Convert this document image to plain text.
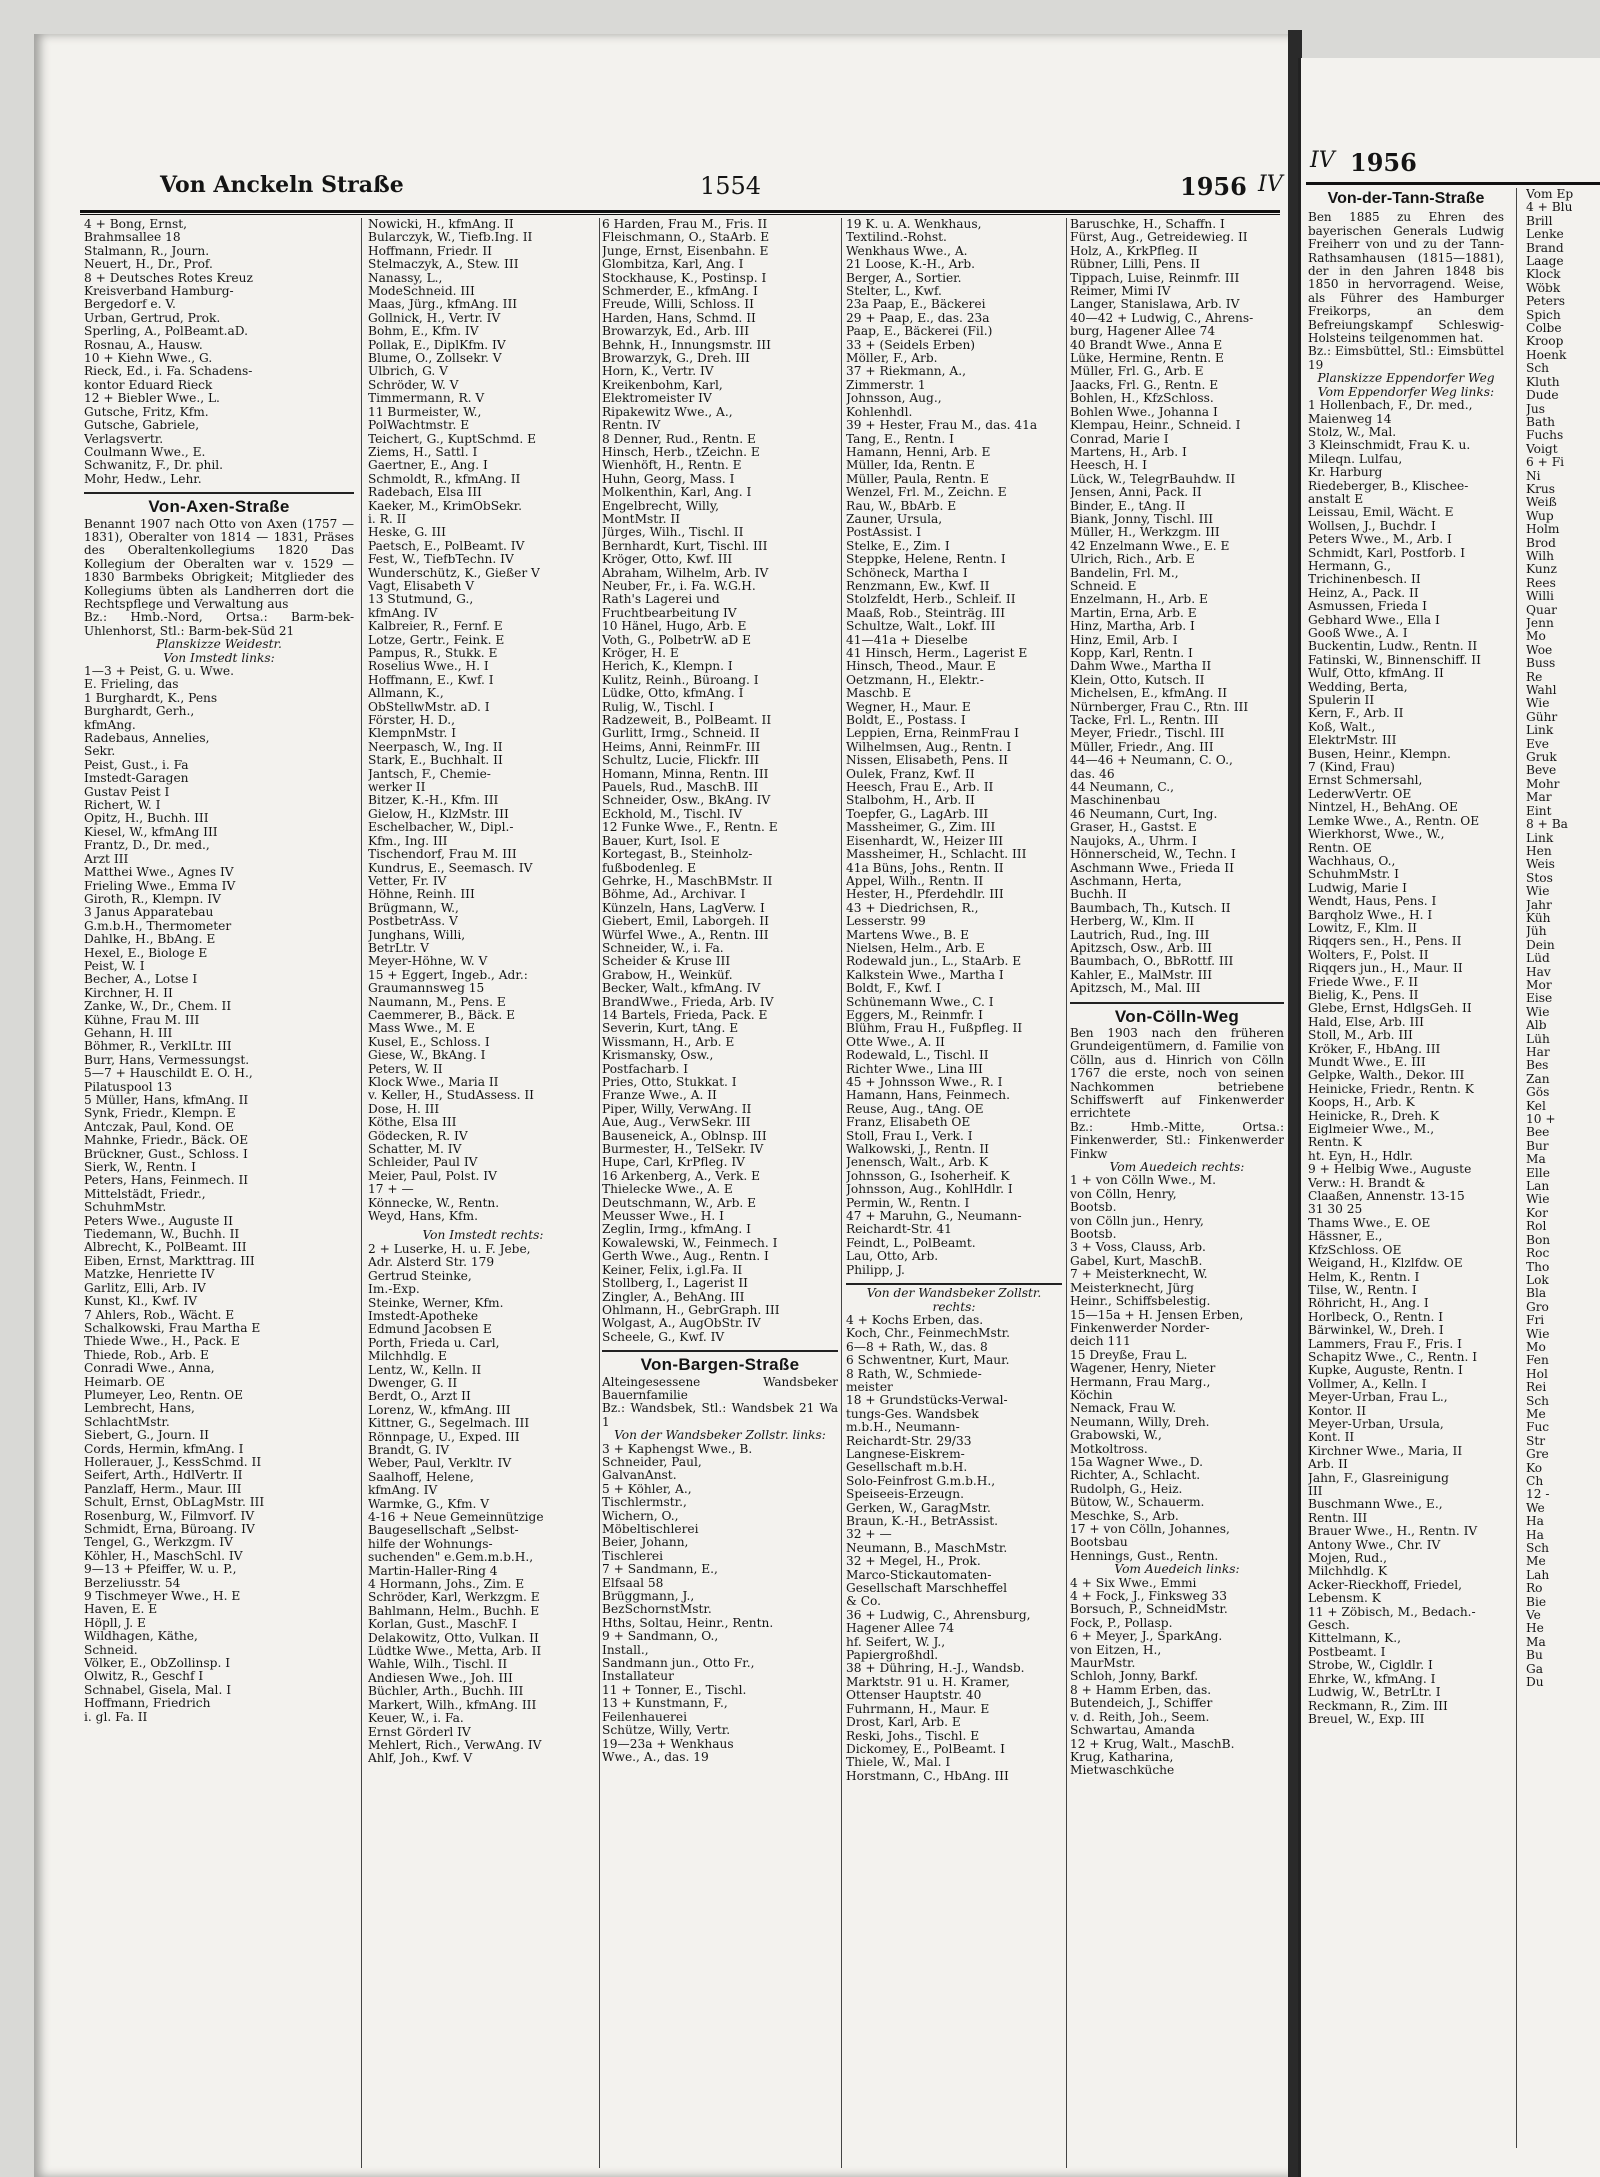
Von Anckeln Straße	1554	1956 IV
4 + Bong, Ernst,
Brahmsallee 18
Stalmann, R., Journ.
Neuert, H., Dr., Prof.
8 + Deutsches Rotes Kreuz
Kreisverband Hamburg-
Bergedorf e. V.
Urban, Gertrud, Prok.
Sperling, A., PolBeamt.aD.
Rosnau, A., Hausw.
10 + Kiehn Wwe., G.
Rieck, Ed., i. Fa. Schadens-
kontor Eduard Rieck
12 + Biebler Wwe., L.
Gutsche, Fritz, Kfm.
Gutsche, Gabriele,
Verlagsvertr.
Coulmann Wwe., E.
Schwanitz, F., Dr. phil.
Mohr, Hedw., Lehr.
Von-Axen-Straße
Benannt 1907 nach Otto von Axen (1757 — 1831), Oberalter von 1814 — 1831, Präses des Oberaltenkollegiums 1820 Das Kollegium der Oberalten war v. 1529 — 1830 Barmbeks Obrigkeit; Mitglieder des Kollegiums übten als Landherren dort die Rechtspflege und Verwaltung aus
Bz.: Hmb.-Nord, Ortsa.: Barm-bek-Uhlenhorst, Stl.: Barm-bek-Süd 21
Planskizze Weidestr.
Von Imstedt links:
1—3 + Peist, G. u. Wwe.
E. Frieling, das
1 Burghardt, K., Pens
Burghardt, Gerh.,
kfmAng.
Radebaus, Annelies,
Sekr.
Peist, Gust., i. Fa
Imstedt-Garagen
Gustav Peist I
Richert, W. I
Opitz, H., Buchh. III
Kiesel, W., kfmAng III
Frantz, D., Dr. med.,
Arzt III
Matthei Wwe., Agnes IV
Frieling Wwe., Emma IV
Giroth, R., Klempn. IV
3 Janus Apparatebau
G.m.b.H., Thermometer
Dahlke, H., BbAng. E
Hexel, E., Biologe E
Peist, W. I
Becher, A., Lotse I
Kirchner, H. II
Zanke, W., Dr., Chem. II
Kühne, Frau M. III
Gehann, H. III
Böhmer, R., VerklLtr. III
Burr, Hans, Vermessungst.
5—7 + Hauschildt E. O. H.,
Pilatuspool 13
5 Müller, Hans, kfmAng. II
Synk, Friedr., Klempn. E
Antczak, Paul, Kond. OE
Mahnke, Friedr., Bäck. OE
Brückner, Gust., Schloss. I
Sierk, W., Rentn. I
Peters, Hans, Feinmech. II
Mittelstädt, Friedr.,
SchuhmMstr.
Peters Wwe., Auguste II
Tiedemann, W., Buchh. II
Albrecht, K., PolBeamt. III
Eiben, Ernst, Markttrag. III
Matzke, Henriette IV
Garlitz, Elli, Arb. IV
Kunst, Kl., Kwf. IV
7 Ahlers, Rob., Wächt. E
Schalkowski, Frau Martha E
Thiede Wwe., H., Pack. E
Thiede, Rob., Arb. E
Conradi Wwe., Anna,
Heimarb. OE
Plumeyer, Leo, Rentn. OE
Lembrecht, Hans,
SchlachtMstr.
Siebert, G., Journ. II
Cords, Hermin, kfmAng. I
Hollerauer, J., KessSchmd. II
Seifert, Arth., HdlVertr. II
Panzlaff, Herm., Maur. III
Schult, Ernst, ObLagMstr. III
Rosenburg, W., Filmvorf. IV
Schmidt, Erna, Büroang. IV
Tengel, G., Werkzgm. IV
Köhler, H., MaschSchl. IV
9—13 + Pfeiffer, W. u. P.,
Berzeliusstr. 54
9 Tischmeyer Wwe., H. E
Haven, E. E
Höpll, J. E
Wildhagen, Käthe,
Schneid.
Völker, E., ObZollinsp. I
Olwitz, R., Geschf I
Schnabel, Gisela, Mal. I
Hoffmann, Friedrich
i. gl. Fa. II
Nowicki, H., kfmAng. II
Bularczyk, W., Tiefb.Ing. II
Hoffmann, Friedr. II
Stelmaczyk, A., Stew. III
Nanassy, L.,
ModeSchneid. III
Maas, Jürg., kfmAng. III
Gollnick, H., Vertr. IV
Bohm, E., Kfm. IV
Pollak, E., DiplKfm. IV
Blume, O., Zollsekr. V
Ulbrich, G. V
Schröder, W. V
Timmermann, R. V
11 Burmeister, W.,
PolWachtmstr. E
Teichert, G., KuptSchmd. E
Ziems, H., Sattl. I
Gaertner, E., Ang. I
Schmoldt, R., kfmAng. II
Radebach, Elsa III
Kaeker, M., KrimObSekr.
i. R. II
Heske, G. III
Paetsch, E., PolBeamt. IV
Fest, W., TiefbTechn. IV
Wunderschütz, K., Gießer V
Vagt, Elisabeth V
13 Stutmund, G.,
kfmAng. IV
Kalbreier, R., Fernf. E
Lotze, Gertr., Feink. E
Pampus, R., Stukk. E
Roselius Wwe., H. I
Hoffmann, E., Kwf. I
Allmann, K.,
ObStellwMstr. aD. I
Förster, H. D.,
KlempnMstr. I
Neerpasch, W., Ing. II
Stark, E., Buchhalt. II
Jantsch, F., Chemie-
werker II
Bitzer, K.-H., Kfm. III
Gielow, H., KlzMstr. III
Eschelbacher, W., Dipl.-
Kfm., Ing. III
Tischendorf, Frau M. III
Kundrus, E., Seemasch. IV
Vetter, Fr. IV
Höhne, Reinh. III
Brügmann, W.,
PostbetrAss. V
Junghans, Willi,
BetrLtr. V
Meyer-Höhne, W. V
15 + Eggert, Ingeb., Adr.:
Graumannsweg 15
Naumann, M., Pens. E
Caemmerer, B., Bäck. E
Mass Wwe., M. E
Kusel, E., Schloss. I
Giese, W., BkAng. I
Peters, W. II
Klock Wwe., Maria II
v. Keller, H., StudAssess. II
Dose, H. III
Köthe, Elsa III
Gödecken, R. IV
Schatter, M. IV
Schleider, Paul IV
Meier, Paul, Polst. IV
17 + —
Könnecke, W., Rentn.
Weyd, Hans, Kfm.
Von Imstedt rechts:
2 + Luserke, H. u. F. Jebe,
Adr. Alsterd Str. 179
Gertrud Steinke,
Im.-Exp.
Steinke, Werner, Kfm.
Imstedt-Apotheke
Edmund Jacobsen E
Porth, Frieda u. Carl,
Milchhdlg. E
Lentz, W., Kelln. II
Dwenger, G. II
Berdt, O., Arzt II
Lorenz, W., kfmAng. III
Kittner, G., Segelmach. III
Rönnpage, U., Exped. III
Brandt, G. IV
Weber, Paul, Verkltr. IV
Saalhoff, Helene,
kfmAng. IV
Warmke, G., Kfm. V
4-16 + Neue Gemeinnützige
Baugesellschaft „Selbst-
hilfe der Wohnungs-
suchenden" e.Gem.m.b.H.,
Martin-Haller-Ring 4
4 Hormann, Johs., Zim. E
Schröder, Karl, Werkzgm. E
Bahlmann, Helm., Buchh. E
Korlan, Gust., MaschF. I
Delakowitz, Otto, Vulkan. II
Lüdtke Wwe., Metta, Arb. II
Wahle, Wilh., Tischl. II
Andiesen Wwe., Joh. III
Büchler, Arth., Buchh. III
Markert, Wilh., kfmAng. III
Keuer, W., i. Fa.
Ernst Görderl IV
Mehlert, Rich., VerwAng. IV
Ahlf, Joh., Kwf. V
6 Harden, Frau M., Fris. II
Fleischmann, O., StaArb. E
Junge, Ernst, Eisenbahn. E
Glombitza, Karl, Ang. I
Stockhause, K., Postinsp. I
Schmerder, E., kfmAng. I
Freude, Willi, Schloss. II
Harden, Hans, Schmd. II
Browarzyk, Ed., Arb. III
Behnk, H., Innungsmstr. III
Browarzyk, G., Dreh. III
Horn, K., Vertr. IV
Kreikenbohm, Karl,
Elektromeister IV
Ripakewitz Wwe., A.,
Rentn. IV
8 Denner, Rud., Rentn. E
Hinsch, Herb., tZeichn. E
Wienhöft, H., Rentn. E
Huhn, Georg, Mass. I
Molkenthin, Karl, Ang. I
Engelbrecht, Willy,
MontMstr. II
Jürges, Wilh., Tischl. II
Bernhardt, Kurt, Tischl. III
Kröger, Otto, Kwf. III
Abraham, Wilhelm, Arb. IV
Neuber, Fr., i. Fa. W.G.H.
Rath's Lagerei und
Fruchtbearbeitung IV
10 Hänel, Hugo, Arb. E
Voth, G., PolbetrW. aD E
Kröger, H. E
Herich, K., Klempn. I
Kulitz, Reinh., Büroang. I
Lüdke, Otto, kfmAng. I
Rulig, W., Tischl. I
Radzeweit, B., PolBeamt. II
Gurlitt, Irmg., Schneid. II
Heims, Anni, ReinmFr. III
Schultz, Lucie, Flickfr. III
Homann, Minna, Rentn. III
Pauels, Rud., MaschB. III
Schneider, Osw., BkAng. IV
Eckhold, M., Tischl. IV
12 Funke Wwe., F., Rentn. E
Bauer, Kurt, Isol. E
Kortegast, B., Steinholz-
fußbodenleg. E
Gehrke, H., MaschBMstr. II
Böhme, Ad., Archivar. I
Künzeln, Hans, LagVerw. I
Giebert, Emil, Laborgeh. II
Würfel Wwe., A., Rentn. III
Schneider, W., i. Fa.
Scheider & Kruse III
Grabow, H., Weinküf.
Becker, Walt., kfmAng. IV
BrandWwe., Frieda, Arb. IV
14 Bartels, Frieda, Pack. E
Severin, Kurt, tAng. E
Wissmann, H., Arb. E
Krismansky, Osw.,
Postfacharb. I
Pries, Otto, Stukkat. I
Franze Wwe., A. II
Piper, Willy, VerwAng. II
Aue, Aug., VerwSekr. III
Bauseneick, A., Oblnsp. III
Burmester, H., TelSekr. IV
Hupe, Carl, KrPfleg. IV
16 Arkenberg, A., Verk. E
Thielecke Wwe., A. E
Deutschmann, W., Arb. E
Meusser Wwe., H. I
Zeglin, Irmg., kfmAng. I
Kowalewski, W., Feinmech. I
Gerth Wwe., Aug., Rentn. I
Keiner, Felix, i.gl.Fa. II
Stollberg, I., Lagerist II
Zingler, A., BehAng. III
Ohlmann, H., GebrGraph. III
Wolgast, A., AugObStr. IV
Scheele, G., Kwf. IV
Von-Bargen-Straße
Alteingesessene Wandsbeker Bauernfamilie
Bz.: Wandsbek, Stl.: Wandsbek 21 Wa 1
Von der Wandsbeker Zollstr. links:
3 + Kaphengst Wwe., B.
Schneider, Paul,
GalvanAnst.
5 + Köhler, A.,
Tischlermstr.,
Wichern, O.,
Möbeltischlerei
Beier, Johann,
Tischlerei
7 + Sandmann, E.,
Elfsaal 58
Brüggmann, J.,
BezSchornstMstr.
Hths, Soltau, Heinr., Rentn.
9 + Sandmann, O.,
Install.,
Sandmann jun., Otto Fr.,
Installateur
11 + Tonner, E., Tischl.
13 + Kunstmann, F.,
Feilenhauerei
Schütze, Willy, Vertr.
19—23a + Wenkhaus
Wwe., A., das. 19
19 K. u. A. Wenkhaus,
Textilind.-Rohst.
Wenkhaus Wwe., A.
21 Loose, K.-H., Arb.
Berger, A., Sortier.
Stelter, L., Kwf.
23a Paap, E., Bäckerei
29 + Paap, E., das. 23a
Paap, E., Bäckerei (Fil.)
33 + (Seidels Erben)
Möller, F., Arb.
37 + Riekmann, A.,
Zimmerstr. 1
Johnsson, Aug.,
Kohlenhdl.
39 + Hester, Frau M., das. 41a
Tang, E., Rentn. I
Hamann, Henni, Arb. E
Müller, Ida, Rentn. E
Müller, Paula, Rentn. E
Wenzel, Frl. M., Zeichn. E
Rau, W., BbArb. E
Zauner, Ursula,
PostAssist. I
Stelke, E., Zim. I
Steppke, Helene, Rentn. I
Schöneck, Martha I
Renzmann, Ew., Kwf. II
Stolzfeldt, Herb., Schleif. II
Maaß, Rob., Steinträg. III
Schultze, Walt., Lokf. III
41—41a + Dieselbe
41 Hinsch, Herm., Lagerist E
Hinsch, Theod., Maur. E
Oetzmann, H., Elektr.-
Maschb. E
Wegner, H., Maur. E
Boldt, E., Postass. I
Leppien, Erna, ReinmFrau I
Wilhelmsen, Aug., Rentn. I
Nissen, Elisabeth, Pens. II
Oulek, Franz, Kwf. II
Heesch, Frau E., Arb. II
Stalbohm, H., Arb. II
Toepfer, G., LagArb. III
Massheimer, G., Zim. III
Eisenhardt, W., Heizer III
Massheimer, H., Schlacht. III
41a Büns, Johs., Rentn. II
Appel, Wilh., Rentn. II
Hester, H., Pferdehdlr. III
43 + Diedrichsen, R.,
Lesserstr. 99
Martens Wwe., B. E
Nielsen, Helm., Arb. E
Rodewald jun., L., StaArb. E
Kalkstein Wwe., Martha I
Boldt, F., Kwf. I
Schünemann Wwe., C. I
Eggers, M., Reinmfr. I
Blühm, Frau H., Fußpfleg. II
Otte Wwe., A. II
Rodewald, L., Tischl. II
Richter Wwe., Lina III
45 + Johnsson Wwe., R. I
Hamann, Hans, Feinmech.
Reuse, Aug., tAng. OE
Franz, Elisabeth OE
Stoll, Frau I., Verk. I
Walkowski, J., Rentn. II
Jenensch, Walt., Arb. K
Johnsson, G., Isoherheif. K
Johnsson, Aug., KohlHdlr. I
Permin, W., Rentn. I
47 + Maruhn, G., Neumann-
Reichardt-Str. 41
Feindt, L., PolBeamt.
Lau, Otto, Arb.
Philipp, J.
Von der Wandsbeker Zollstr. rechts:
4 + Kochs Erben, das.
Koch, Chr., FeinmechMstr.
6—8 + Rath, W., das. 8
6 Schwentner, Kurt, Maur.
8 Rath, W., Schmiede-
meister
18 + Grundstücks-Verwal-
tungs-Ges. Wandsbek
m.b.H., Neumann-
Reichardt-Str. 29/33
Langnese-Eiskrem-
Gesellschaft m.b.H.
Solo-Feinfrost G.m.b.H.,
Speiseeis-Erzeugn.
Gerken, W., GaragMstr.
Braun, K.-H., BetrAssist.
32 + —
Neumann, B., MaschMstr.
32 + Megel, H., Prok.
Marco-Stickautomaten-
Gesellschaft Marschheffel
& Co.
36 + Ludwig, C., Ahrensburg,
Hagener Allee 74
hf. Seifert, W. J.,
Papiergroßhdl.
38 + Dühring, H.-J., Wandsb.
Marktstr. 91 u. H. Kramer,
Ottenser Hauptstr. 40
Fuhrmann, H., Maur. E
Drost, Karl, Arb. E
Reski, Johs., Tischl. E
Dickomey, E., PolBeamt. I
Thiele, W., Mal. I
Horstmann, C., HbAng. III
Baruschke, H., Schaffn. I
Fürst, Aug., Getreidewieg. II
Holz, A., KrkPfleg. II
Rübner, Lilli, Pens. II
Tippach, Luise, Reinmfr. III
Reimer, Mimi IV
Langer, Stanislawa, Arb. IV
40—42 + Ludwig, C., Ahrens-
burg, Hagener Allee 74
40 Brandt Wwe., Anna E
Lüke, Hermine, Rentn. E
Müller, Frl. G., Arb. E
Jaacks, Frl. G., Rentn. E
Bohlen, H., KfzSchloss.
Bohlen Wwe., Johanna I
Klempau, Heinr., Schneid. I
Conrad, Marie I
Martens, H., Arb. I
Heesch, H. I
Lück, W., TelegrBauhdw. II
Jensen, Anni, Pack. II
Binder, E., tAng. II
Biank, Jonny, Tischl. III
Müller, H., Werkzgm. III
42 Enzelmann Wwe., E. E
Ulrich, Rich., Arb. E
Bandelin, Frl. M.,
Schneid. E
Enzelmann, H., Arb. E
Martin, Erna, Arb. E
Hinz, Martha, Arb. I
Hinz, Emil, Arb. I
Kopp, Karl, Rentn. I
Dahm Wwe., Martha II
Klein, Otto, Kutsch. II
Michelsen, E., kfmAng. II
Nürnberger, Frau C., Rtn. III
Tacke, Frl. L., Rentn. III
Meyer, Friedr., Tischl. III
Müller, Friedr., Ang. III
44—46 + Neumann, C. O.,
das. 46
44 Neumann, C.,
Maschinenbau
46 Neumann, Curt, Ing.
Graser, H., Gastst. E
Naujoks, A., Uhrm. I
Hönnerscheid, W., Techn. I
Aschmann Wwe., Frieda II
Aschmann, Herta,
Buchh. II
Baumbach, Th., Kutsch. II
Herberg, W., Klm. II
Lautrich, Rud., Ing. III
Apitzsch, Osw., Arb. III
Baumbach, O., BbRottf. III
Kahler, E., MalMstr. III
Apitzsch, M., Mal. III
Von-Cölln-Weg
Ben 1903 nach den früheren Grundeigentümern, d. Familie von Cölln, aus d. Hinrich von Cölln 1767 die erste, noch von seinen Nachkommen betriebene Schiffswerft auf Finkenwerder errichtete
Bz.: Hmb.-Mitte, Ortsa.: Finkenwerder, Stl.: Finkenwerder Finkw
Vom Auedeich rechts:
1 + von Cölln Wwe., M.
von Cölln, Henry,
Bootsb.
von Cölln jun., Henry,
Bootsb.
3 + Voss, Clauss, Arb.
Gabel, Kurt, MaschB.
7 + Meisterknecht, W.
Meisterknecht, Jürg
Heinr., Schiffsbelestig.
15—15a + H. Jensen Erben,
Finkenwerder Norder-
deich 111
15 Dreyße, Frau L.
Wagener, Henry, Nieter
Hermann, Frau Marg.,
Köchin
Nemack, Frau W.
Neumann, Willy, Dreh.
Grabowski, W.,
Motkoltross.
15a Wagner Wwe., D.
Richter, A., Schlacht.
Rudolph, G., Heiz.
Bütow, W., Schauerm.
Meschke, S., Arb.
17 + von Cölln, Johannes,
Bootsbau
Hennings, Gust., Rentn.
Vom Auedeich links:
4 + Six Wwe., Emmi
4 + Fock, J., Finksweg 33
Borsuch, P., SchneidMstr.
Fock, P., Pollasp.
6 + Meyer, J., SparkAng.
von Eitzen, H.,
MaurMstr.
Schloh, Jonny, Barkf.
8 + Hamm Erben, das.
Butendeich, J., Schiffer
v. d. Reith, Joh., Seem.
Schwartau, Amanda
12 + Krug, Walt., MaschB.
Krug, Katharina,
Mietwaschküche
IV 1956
Von-der-Tann-Straße
Ben 1885 zu Ehren des bayerischen Generals Ludwig Freiherr von und zu der Tann-Rathsamhausen (1815—1881), der in den Jahren 1848 bis 1850 in hervorragend. Weise, als Führer des Hamburger Freikorps, an dem Befreiungskampf Schleswig-Holsteins teilgenommen hat.
Bz.: Eimsbüttel, Stl.: Eimsbüttel 19
Planskizze Eppendorfer Weg
Vom Eppendorfer Weg links:
1 Hollenbach, F., Dr. med.,
Maienweg 14
Stolz, W., Mal.
3 Kleinschmidt, Frau K. u.
Mileqn. Lulfau,
Kr. Harburg
Riedeberger, B., Klischee-
anstalt E
Leissau, Emil, Wächt. E
Wollsen, J., Buchdr. I
Peters Wwe., M., Arb. I
Schmidt, Karl, Postforb. I
Hermann, G.,
Trichinenbesch. II
Heinz, A., Pack. II
Asmussen, Frieda I
Gebhard Wwe., Ella I
Gooß Wwe., A. I
Buckentin, Ludw., Rentn. II
Fatinski, W., Binnenschiff. II
Wulf, Otto, kfmAng. II
Wedding, Berta,
Spulerin II
Kern, F., Arb. II
Koß, Walt.,
ElektrMstr. III
Busen, Heinr., Klempn.
7 (Kind, Frau)
Ernst Schmersahl,
LederwVertr. OE
Nintzel, H., BehAng. OE
Lemke Wwe., A., Rentn. OE
Wierkhorst, Wwe., W.,
Rentn. OE
Wachhaus, O.,
SchuhmMstr. I
Ludwig, Marie I
Wendt, Haus, Pens. I
Barqholz Wwe., H. I
Lowitz, F., Klm. II
Riqqers sen., H., Pens. II
Wolters, F., Polst. II
Riqqers jun., H., Maur. II
Friede Wwe., F. II
Bielig, K., Pens. II
Glebe, Ernst, HdlgsGeh. II
Hald, Else, Arb. III
Stoll, M., Arb. III
Kröker, F., HbAng. III
Mundt Wwe., E. III
Gelpke, Walth., Dekor. III
Heinicke, Friedr., Rentn. K
Koops, H., Arb. K
Heinicke, R., Dreh. K
Eiglmeier Wwe., M.,
Rentn. K
ht. Eyn, H., Hdlr.
9 + Helbig Wwe., Auguste
Verw.: H. Brandt &
Claaßen, Annenstr. 13-15
31 30 25
Thams Wwe., E. OE
Hässner, E.,
KfzSchloss. OE
Weigand, H., Klzlfdw. OE
Helm, K., Rentn. I
Tilse, W., Rentn. I
Röhricht, H., Ang. I
Horlbeck, O., Rentn. I
Bärwinkel, W., Dreh. I
Lammers, Frau F., Fris. I
Schapitz Wwe., C., Rentn. I
Kupke, Auguste, Rentn. I
Vollmer, A., Kelln. I
Meyer-Urban, Frau L.,
Kontor. II
Meyer-Urban, Ursula,
Kont. II
Kirchner Wwe., Maria, II
Arb. II
Jahn, F., Glasreinigung
III
Buschmann Wwe., E.,
Rentn. III
Brauer Wwe., H., Rentn. IV
Antony Wwe., Chr. IV
Mojen, Rud.,
Milchhdlg. K
Acker-Rieckhoff, Friedel,
Lebensm. K
11 + Zöbisch, M., Bedach.-
Gesch.
Kittelmann, K.,
Postbeamt. I
Strobe, W., Cigldlr. I
Ehrke, W., kfmAng. I
Ludwig, W., BetrLtr. I
Reckmann, R., Zim. III
Breuel, W., Exp. III
Vom Ep
4 + Blu
Brill
Lenke
Brand
Laage
Klock
Wöbk
Peters
Spich
Colbe
Kroop
Hoenk
Sch
Kluth
Dude
Jus
Bath
Fuchs
Voigt
6 + Fi
Ni
Krus
Weiß
Wup
Holm
Brod
Wilh
Kunz
Rees
Willi
Quar
Jenn
Mo
Woe
Buss
Re
Wahl
Wie
Gühr
Link
Eve
Gruk
Beve
Mohr
Mar
Eint
8 + Ba
Link
Hen
Weis
Stos
Wie
Jahr
Küh
Jüh
Dein
Lüd
Hav
Mor
Eise
Wie
Alb
Lüh
Har
Bes
Zan
Gös
Kel
10 +
Bee
Bur
Ma
Elle
Lan
Wie
Kor
Rol
Bon
Roc
Tho
Lok
Bla
Gro
Fri
Wie
Mo
Fen
Hol
Rei
Sch
Me
Fuc
Str
Gre
Ko
Ch
12 -
We
Ha
Ha
Sch
Me
Lah
Ro
Bie
Ve
He
Ma
Bu
Ga
Du
